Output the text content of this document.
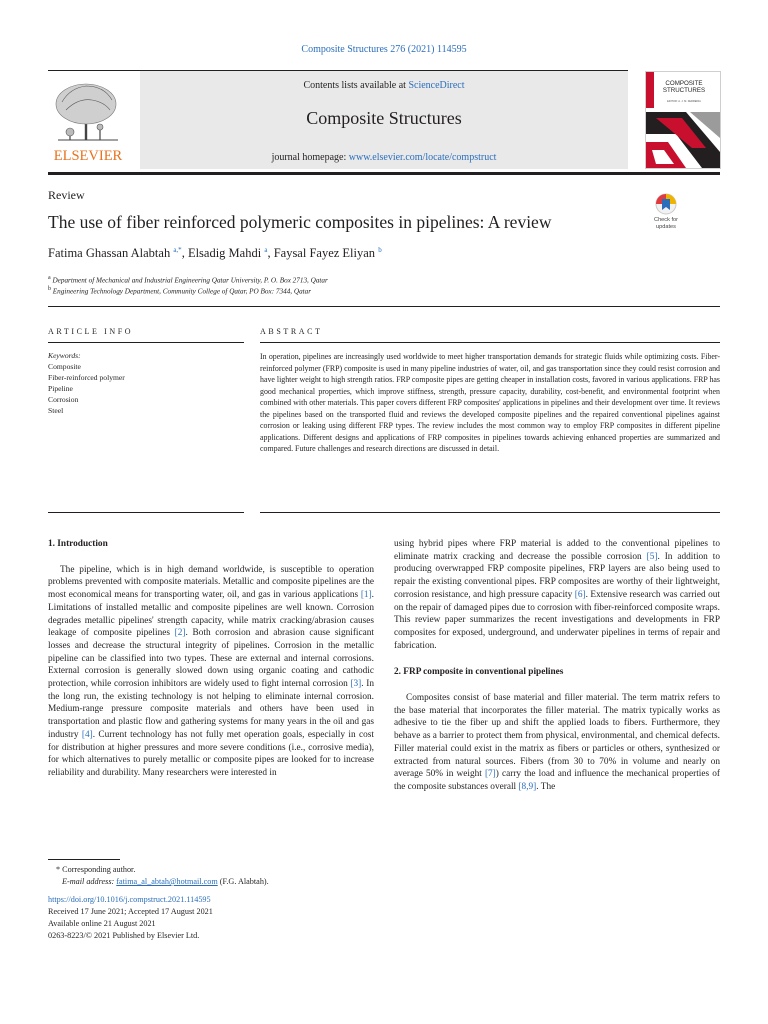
Composite Structures 276 (2021) 114595
ELSEVIER
Contents lists available at ScienceDirect
Composite Structures
journal homepage: www.elsevier.com/locate/compstruct
COMPOSITE
STRUCTURES
EDITOR: A. J. M. FERREIRA
Review
The use of fiber reinforced polymeric composites in pipelines: A review	Check for
updates
Fatima Ghassan Alabtah $^{a,*}$, Elsadig Mahdi $^a$, Faysal Fayez Eliyan $^b$
$^a$ Department of Mechanical and Industrial Engineering Qatar University, P. O. Box 2713, Qatar
$^b$ Engineering Technology Department, Community College of Qatar, PO Box: 7344, Qatar
ARTICLE INFO	ABSTRACT
Keywords:
Composite
Fiber-reinforced polymer
Pipeline
Corrosion
Steel
In operation, pipelines are increasingly used worldwide to meet higher transportation demands for strategic fluids while optimizing costs. Fiber-reinforced polymer (FRP) composite is used in many pipeline industries of water, oil, and gas transportation since they could resist corrosion and have lighter weight to high strength ratios. FRP composite pipes are getting cheaper in installation costs, favored in various applications. FRP has good mechanical properties, which improve stiffness, strength, pressure capacity, durability, cost-benefit, and environmental footprint when combined with other materials. This paper covers different FRP composites' applications in pipelines and their development over time. It reviews the pipelines based on the transported fluid and reviews the developed composite pipelines and the repaired conventional pipelines against corrosion or leaking using different FRP types. The review includes the most common way to employ FRP composites in different pipeline applications. Different designs and applications of FRP composites in pipelines towards achieving enhanced properties are summarized and compared. Future challenges and research directions are discussed in detail.
1. Introduction

The pipeline, which is in high demand worldwide, is susceptible to operation problems prevented with composite materials. Metallic and composite pipelines are the most economical means for transporting water, oil, and gas in various applications [1]. Limitations of installed metallic and composite pipelines are well known. Corrosion degrades metallic pipelines' strength capacity, while matrix cracking/abrasion causes leakage of composite pipelines [2]. Both corrosion and abrasion cause significant losses and decrease the structural integrity of pipelines. Corrosion in the metallic pipeline can be classified into two types. These are external and internal corrosions. External corrosion is generally slowed down using organic coating and cathodic protection, while corrosion inhibitors are widely used to fight internal corrosion [3]. In the long run, the existing technology is not helping to eliminate internal corrosion. Medium-range pressure composite materials and others have been used in transportation and plastic flow and gathering systems for many years in the oil and gas industry [4]. Current technology has not fully met operation goals, especially in cost for distribution at higher pressures and more severe conditions (i.e., corrosive media), for which alternatives to purely metallic or composite pipes are looked for to increase reliability and durability. Many researchers were interested in

using hybrid pipes where FRP material is added to the conventional pipelines to eliminate matrix cracking and decrease the possible corrosion [5]. In addition to producing overwrapped FRP composite pipelines, FRP layers are also being used to repair the existing conventional pipes. FRP composites are worthy of their lightweight, corrosion resistance, and high pressure capacity [6]. Extensive research was carried out on the repair of damaged pipes due to corrosion with fiber-reinforced composite wraps. This review paper summarizes the recent investigations and developments in FRP composites for exposed, underground, and underwater pipelines in terms of repair and fabrication.

2. FRP composite in conventional pipelines

Composites consist of base material and filler material. The term matrix refers to the base material that incorporates the filler material. The matrix typically works as adhesive to tie the fiber up and shift the applied loads to fibers. Furthermore, they behave as a barrier to protect them from physical, environmental, and chemical defects. Filler material could exist in the matrix as fibers or particles or others, synthesized or extracted from natural sources. Fibers (from 30 to 70% in volume and nearly on average 50% in weight [7]) carry the load and influence the mechanical properties of the composite substances overall [8,9]. The

* Corresponding author.
E-mail address: fatima_al_abtah@hotmail.com (F.G. Alabtah).
https://doi.org/10.1016/j.compstruct.2021.114595
Received 17 June 2021; Accepted 17 August 2021
Available online 21 August 2021
0263-8223/© 2021 Published by Elsevier Ltd.
